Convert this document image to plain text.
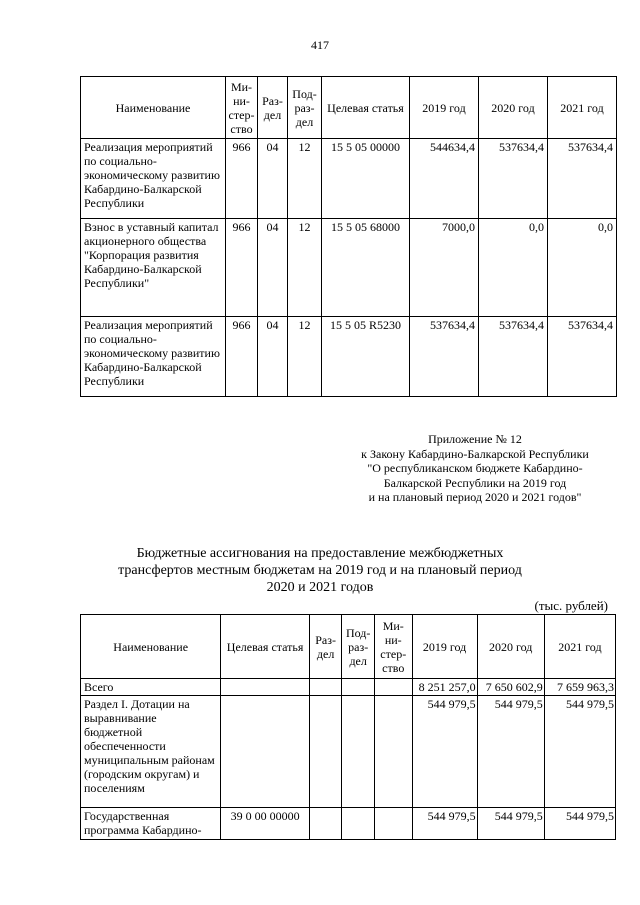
417
Наименование	Ми-ни-стер-ство	Раз-дел	Под-раз-дел	Целевая статья	2019 год	2020 год	2021 год
Реализация мероприятий по социально-экономическому развитию Кабардино-Балкарской Республики	966	04	12	15 5 05 00000	544634,4	537634,4	537634,4
Взнос в уставный капитал акционерного общества "Корпорация развития Кабардино-Балкарской Республики"	966	04	12	15 5 05 68000	7000,0	0,0	0,0
Реализация мероприятий по социально-экономическому развитию Кабардино-Балкарской Республики	966	04	12	15 5 05 R5230	537634,4	537634,4	537634,4
Приложение № 12
к Закону Кабардино-Балкарской Республики
"О республиканском бюджете Кабардино-
Балкарской Республики на 2019 год
и на плановый период 2020 и 2021 годов"
Бюджетные ассигнования на предоставление межбюджетных трансфертов местным бюджетам на 2019 год и на плановый период 2020 и 2021 годов
(тыс. рублей)
Наименование	Целевая статья	Раз-дел	Под-раз-дел	Ми-ни-стер-ство	2019 год	2020 год	2021 год
Всего					8 251 257,0	7 650 602,9	7 659 963,3
Раздел I. Дотации на выравнивание бюджетной обеспеченности муниципальным районам (городским округам) и поселениям					544 979,5	544 979,5	544 979,5
Государственная программа Кабардино-	39 0 00 00000				544 979,5	544 979,5	544 979,5
